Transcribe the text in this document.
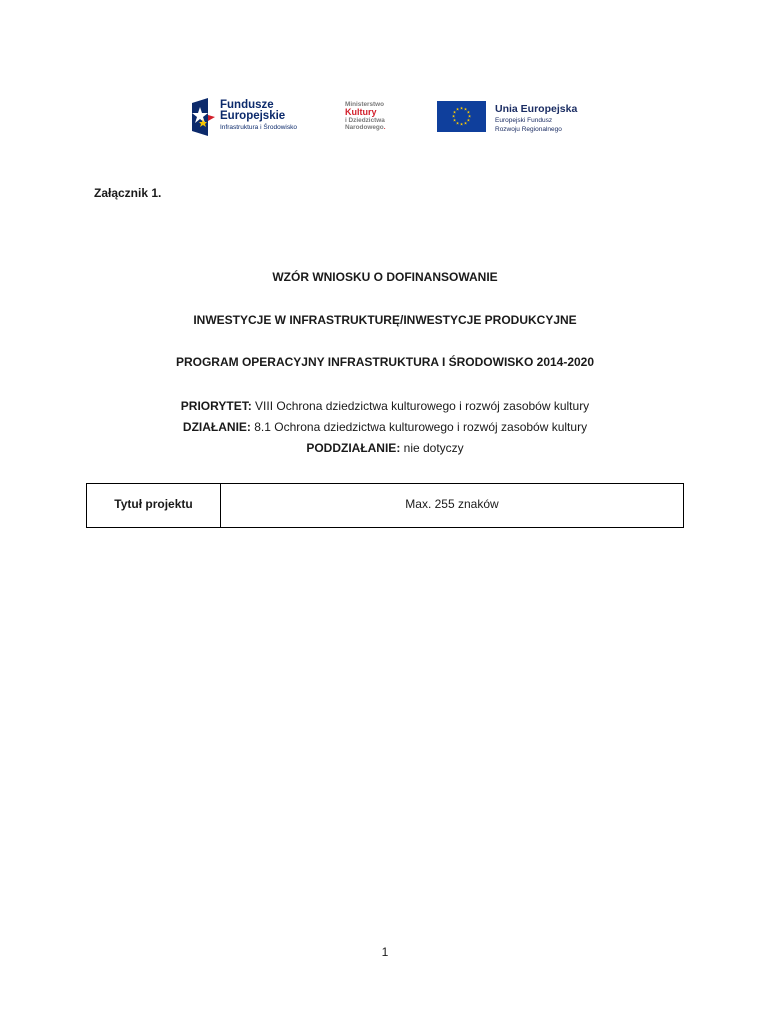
Fundusze
Europejskie
Infrastruktura i Środowisko
Ministerstwo
Kultury
i Dziedzictwa
Narodowego.
★ ★
★
★
★
★
★
★
★
★
★
★	Unia Europejska
Europejski Fundusz
Rozwoju Regionalnego
Załącznik 1.
WZÓR WNIOSKU O DOFINANSOWANIE
INWESTYCJE W INFRASTRUKTURĘ/INWESTYCJE PRODUKCYJNE
PROGRAM OPERACYJNY INFRASTRUKTURA I ŚRODOWISKO 2014-2020
PRIORYTET: VIII Ochrona dziedzictwa kulturowego i rozwój zasobów kultury
DZIAŁANIE: 8.1 Ochrona dziedzictwa kulturowego i rozwój zasobów kultury
PODDZIAŁANIE: nie dotyczy
Tytuł projektu	Max. 255 znaków
1
